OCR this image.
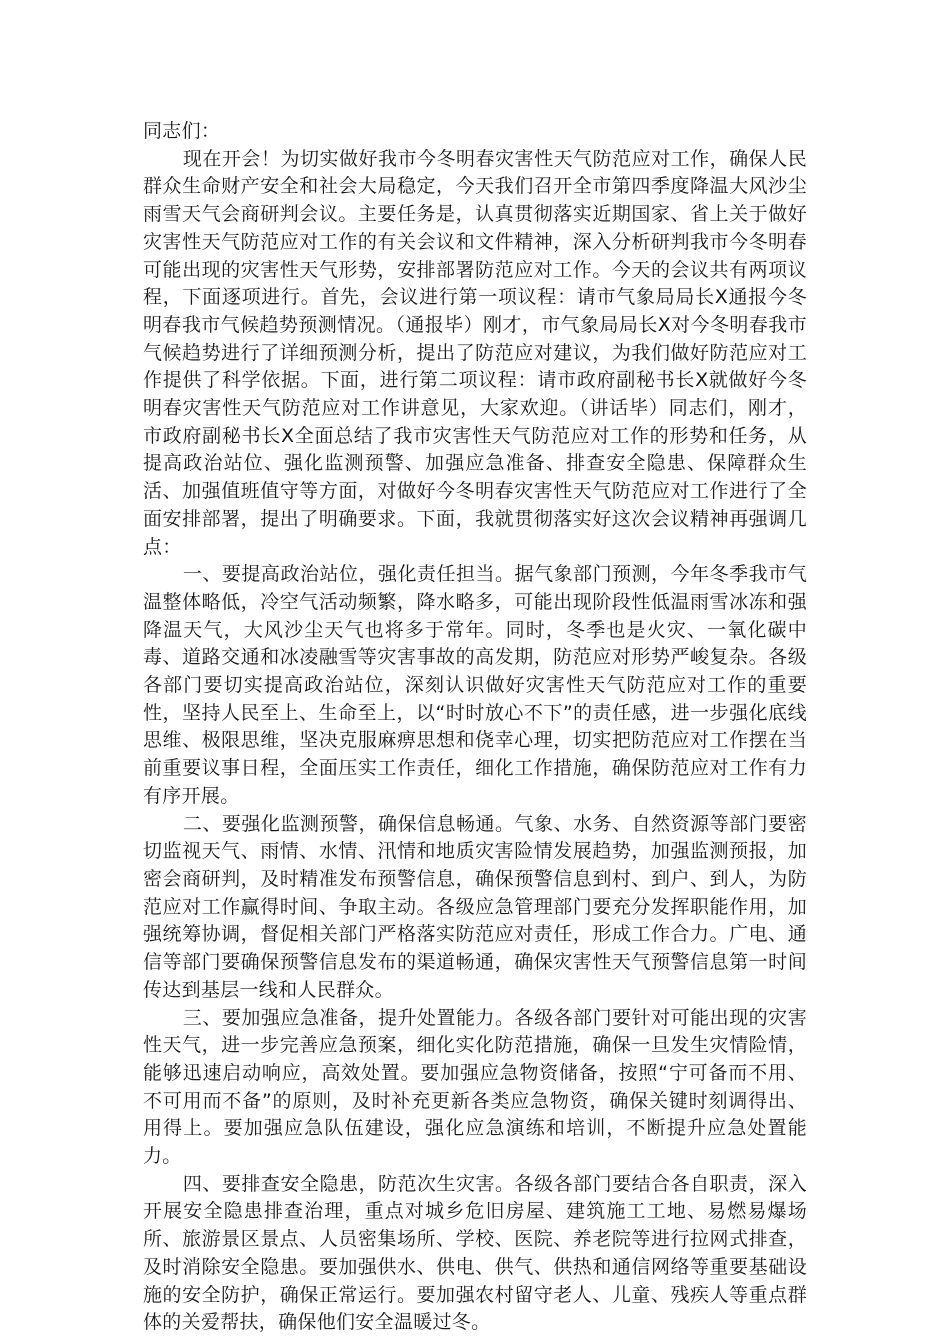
同志们：

现在开会！为切实做好我市今冬明春灾害性天气防范应对工作，确保人民群众生命财产安全和社会大局稳定，今天我们召开全市第四季度降温大风沙尘雨雪天气会商研判会议。主要任务是，认真贯彻落实近期国家、省上关于做好灾害性天气防范应对工作的有关会议和文件精神，深入分析研判我市今冬明春可能出现的灾害性天气形势，安排部署防范应对工作。今天的会议共有两项议程，下面逐项进行。首先，会议进行第一项议程：请市气象局局长X通报今冬明春我市气候趋势预测情况。（通报毕）刚才，市气象局局长X对今冬明春我市气候趋势进行了详细预测分析，提出了防范应对建议，为我们做好防范应对工作提供了科学依据。下面，进行第二项议程：请市政府副秘书长X就做好今冬明春灾害性天气防范应对工作讲意见，大家欢迎。（讲话毕）同志们，刚才，市政府副秘书长X全面总结了我市灾害性天气防范应对工作的形势和任务，从提高政治站位、强化监测预警、加强应急准备、排查安全隐患、保障群众生活、加强值班值守等方面，对做好今冬明春灾害性天气防范应对工作进行了全面安排部署，提出了明确要求。下面，我就贯彻落实好这次会议精神再强调几点：

一、要提高政治站位，强化责任担当。据气象部门预测，今年冬季我市气温整体略低，冷空气活动频繁，降水略多，可能出现阶段性低温雨雪冰冻和强降温天气，大风沙尘天气也将多于常年。同时，冬季也是火灾、一氧化碳中毒、道路交通和冰凌融雪等灾害事故的高发期，防范应对形势严峻复杂。各级各部门要切实提高政治站位，深刻认识做好灾害性天气防范应对工作的重要性，坚持人民至上、生命至上，以“时时放心不下”的责任感，进一步强化底线思维、极限思维，坚决克服麻痹思想和侥幸心理，切实把防范应对工作摆在当前重要议事日程，全面压实工作责任，细化工作措施，确保防范应对工作有力有序开展。

二、要强化监测预警，确保信息畅通。气象、水务、自然资源等部门要密切监视天气、雨情、水情、汛情和地质灾害险情发展趋势，加强监测预报，加密会商研判，及时精准发布预警信息，确保预警信息到村、到户、到人，为防范应对工作赢得时间、争取主动。各级应急管理部门要充分发挥职能作用，加强统筹协调，督促相关部门严格落实防范应对责任，形成工作合力。广电、通信等部门要确保预警信息发布的渠道畅通，确保灾害性天气预警信息第一时间传达到基层一线和人民群众。

三、要加强应急准备，提升处置能力。各级各部门要针对可能出现的灾害性天气，进一步完善应急预案，细化实化防范措施，确保一旦发生灾情险情，能够迅速启动响应，高效处置。要加强应急物资储备，按照“宁可备而不用、不可用而不备”的原则，及时补充更新各类应急物资，确保关键时刻调得出、用得上。要加强应急队伍建设，强化应急演练和培训，不断提升应急处置能力。

四、要排查安全隐患，防范次生灾害。各级各部门要结合各自职责，深入开展安全隐患排查治理，重点对城乡危旧房屋、建筑施工工地、易燃易爆场所、旅游景区景点、人员密集场所、学校、医院、养老院等进行拉网式排查，及时消除安全隐患。要加强供水、供电、供气、供热和通信网络等重要基础设施的安全防护，确保正常运行。要加强农村留守老人、儿童、残疾人等重点群体的关爱帮扶，确保他们安全温暖过冬。
